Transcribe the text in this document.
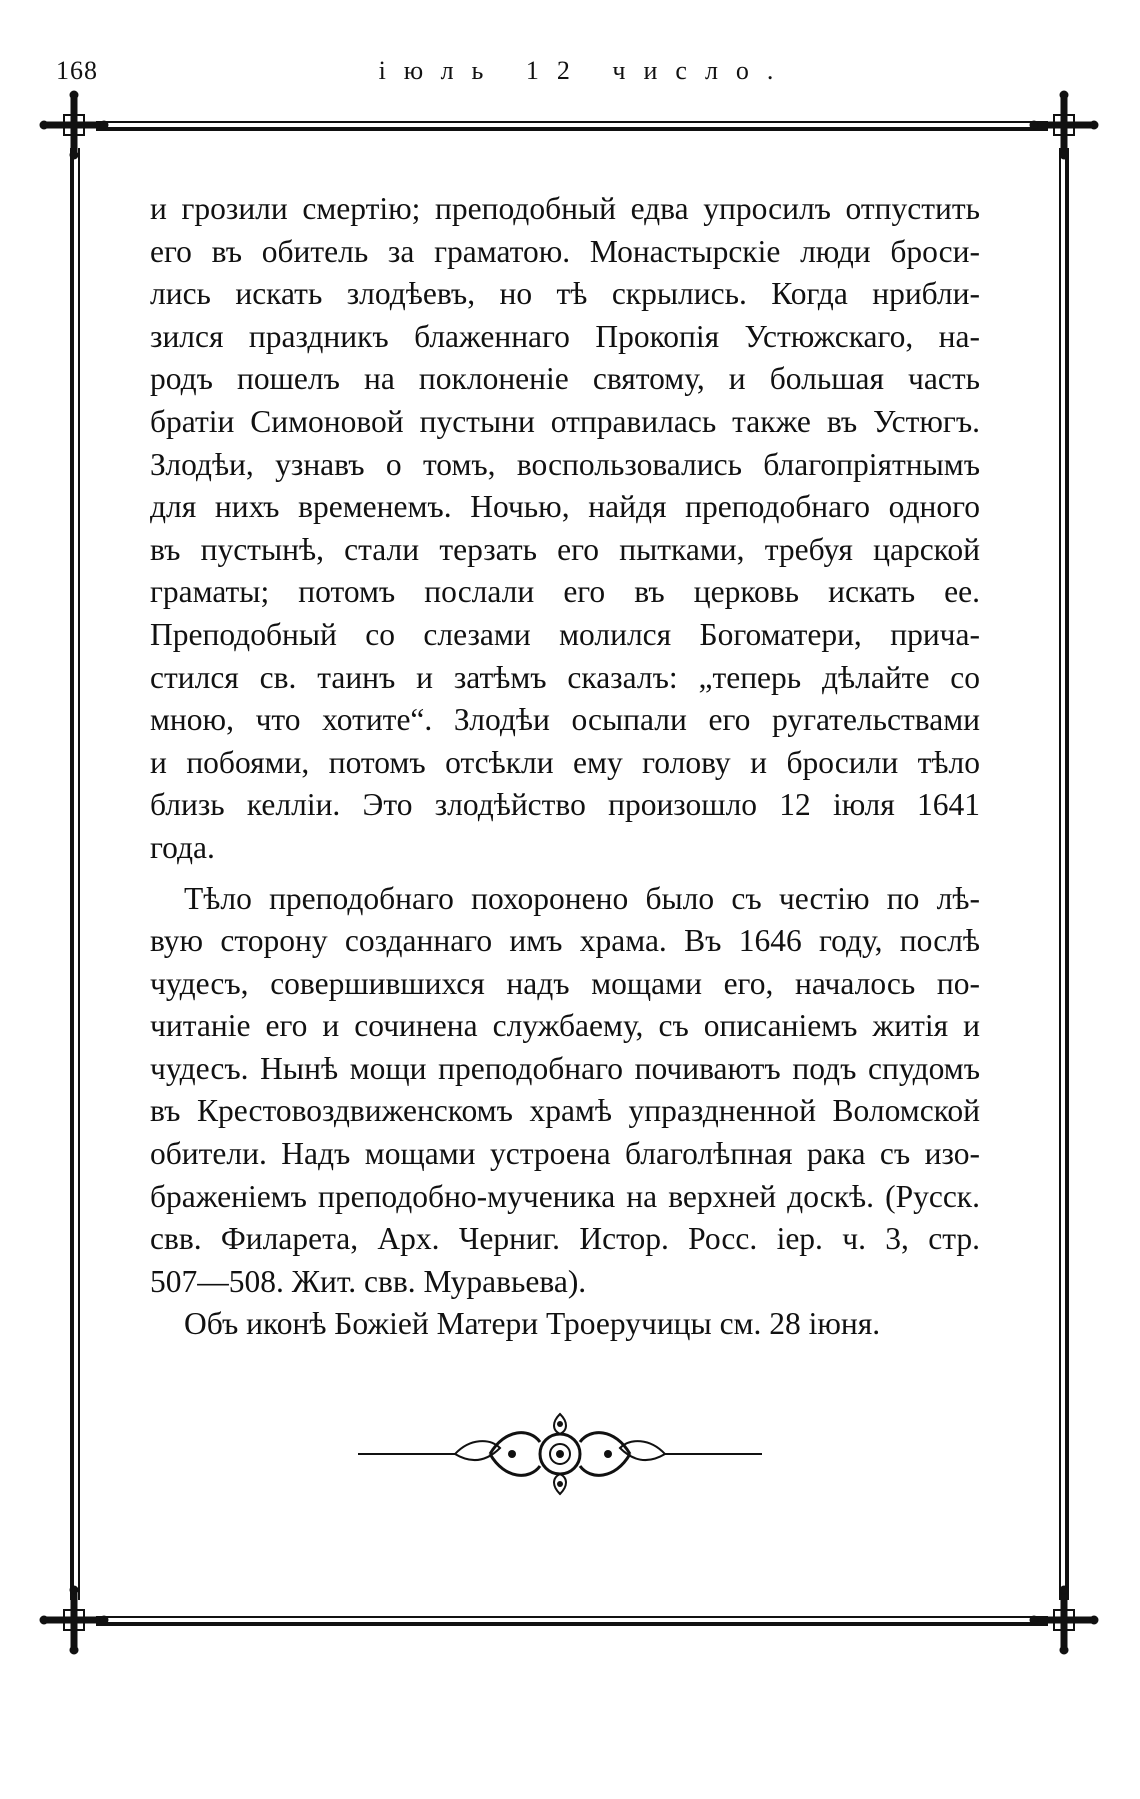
168	іюль 12 число.

и грозили смертію; преподобный едва упросилъ отпустить
его въ обитель за граматою. Монастырскіе люди броси-
лись искать злодѣевъ, но тѣ скрылись. Когда нрибли-
зился праздникъ блаженнаго Прокопія Устюжскаго, на-
родъ пошелъ на поклоненіе святому, и большая часть
братіи Симоновой пустыни отправилась также въ Устюгъ.
Злодѣи, узнавъ о томъ, воспользовались благопріятнымъ
для нихъ временемъ. Ночью, найдя преподобнаго одного
въ пустынѣ, стали терзать его пытками, требуя царской
граматы; потомъ послали его въ церковь искать ее.
Преподобный со слезами молился Богоматери, прича-
стился св. таинъ и затѣмъ сказалъ: „теперь дѣлайте со
мною, что хотите“. Злодѣи осыпали его ругательствами
и побоями, потомъ отсѣкли ему голову и бросили тѣло
близь келліи. Это злодѣйство произошло 12 іюля 1641
года.

Тѣло преподобнаго похоронено было съ честію по лѣ-
вую сторону созданнаго имъ храма. Въ 1646 году, послѣ
чудесъ, совершившихся надъ мощами его, началось по-
читаніе его и сочинена службаему, съ описаніемъ житія и
чудесъ. Нынѣ мощи преподобнаго почиваютъ подъ спудомъ
въ Крестовоздвиженскомъ храмѣ упраздненной Воломской
обители. Надъ мощами устроена благолѣпная рака съ изо-
браженіемъ преподобно-мученика на верхней доскѣ. (Русск.
свв. Филарета, Арх. Черниг. Истор. Росс. іер. ч. 3, стр.
507—508. Жит. свв. Муравьева).

Объ иконѣ Божіей Матери Троеручицы см. 28 іюня.
